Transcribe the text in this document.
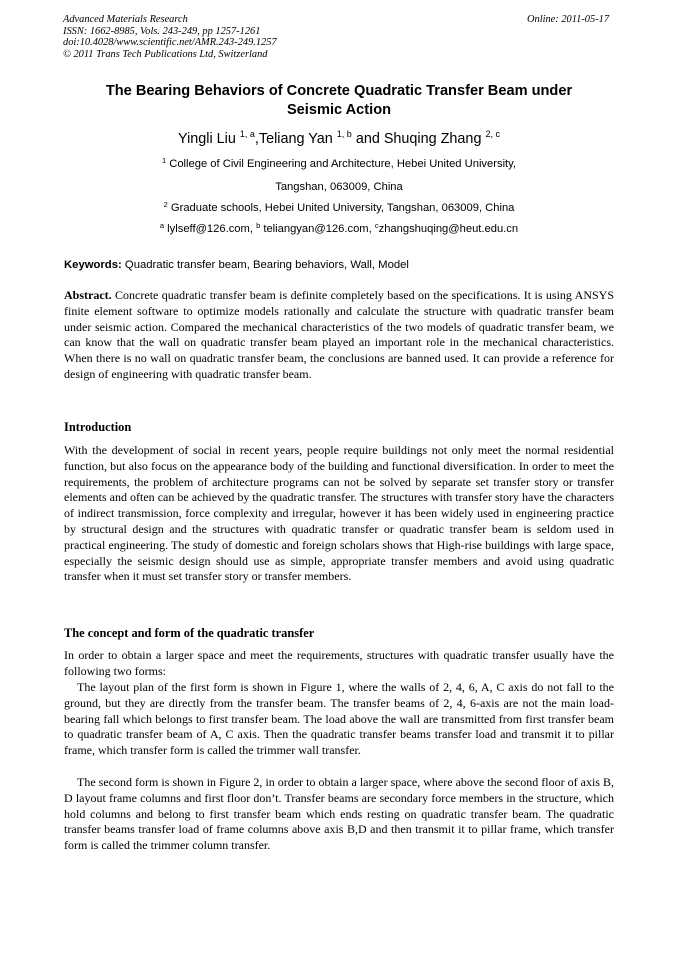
Advanced Materials Research
ISSN: 1662-8985, Vols. 243-249, pp 1257-1261
doi:10.4028/www.scientific.net/AMR.243-249.1257
© 2011 Trans Tech Publications Ltd, Switzerland
Online: 2011-05-17
The Bearing Behaviors of Concrete Quadratic Transfer Beam under
Seismic Action
Yingli Liu $^{1, a}$,Teliang Yan $^{1, b}$ and Shuqing Zhang $^{2, c}$
$^1$ College of Civil Engineering and Architecture, Hebei United University,
Tangshan, 063009, China
$^2$ Graduate schools, Hebei United University, Tangshan, 063009, China
$^a$ lylseff@126.com, $^b$ teliangyan@126.com, $^c$zhangshuqing@heut.edu.cn
Keywords: Quadratic transfer beam, Bearing behaviors, Wall, Model

Abstract. Concrete quadratic transfer beam is definite completely based on the specifications. It is using ANSYS finite element software to optimize models rationally and calculate the structure with quadratic transfer beam under seismic action. Compared the mechanical characteristics of the two models of quadratic transfer beam, we can know that the wall on quadratic transfer beam played an important role in the mechanical characteristics. When there is no wall on quadratic transfer beam, the conclusions are banned used. It can provide a reference for design of engineering with quadratic transfer beam.

Introduction

With the development of social in recent years, people require buildings not only meet the normal residential function, but also focus on the appearance body of the building and functional diversification. In order to meet the requirements, the problem of architecture programs can not be solved by separate set transfer story or transfer elements and often can be achieved by the quadratic transfer. The structures with transfer story have the characters of indirect transmission, force complexity and irregular, however it has been widely used in engineering practice by structural design and the structures with quadratic transfer or quadratic transfer beam is seldom used in practical engineering. The study of domestic and foreign scholars shows that High-rise buildings with large space, especially the seismic design should use as simple, appropriate transfer members and avoid using quadratic transfer when it must set transfer story or transfer members.

The concept and form of the quadratic transfer

In order to obtain a larger space and meet the requirements, structures with quadratic transfer usually have the following two forms:

The layout plan of the first form is shown in Figure 1, where the walls of 2, 4, 6, A, C axis do not fall to the ground, but they are directly from the transfer beam. The transfer beams of 2, 4, 6-axis are not the main load-bearing fall which belongs to first transfer beam. The load above the wall are transmitted from first transfer beam to quadratic transfer beam of A, C axis. Then the quadratic transfer beams transfer load and transmit it to pillar frame, which transfer form is called the trimmer wall transfer.

The second form is shown in Figure 2, in order to obtain a larger space, where above the second floor of axis B, D layout frame columns and first floor don’t. Transfer beams are secondary force members in the structure, which hold columns and belong to first transfer beam which ends resting on quadratic transfer beam. The quadratic transfer beams transfer load of frame columns above axis B,D and then transmit it to pillar frame, which transfer form is called the trimmer column transfer.
